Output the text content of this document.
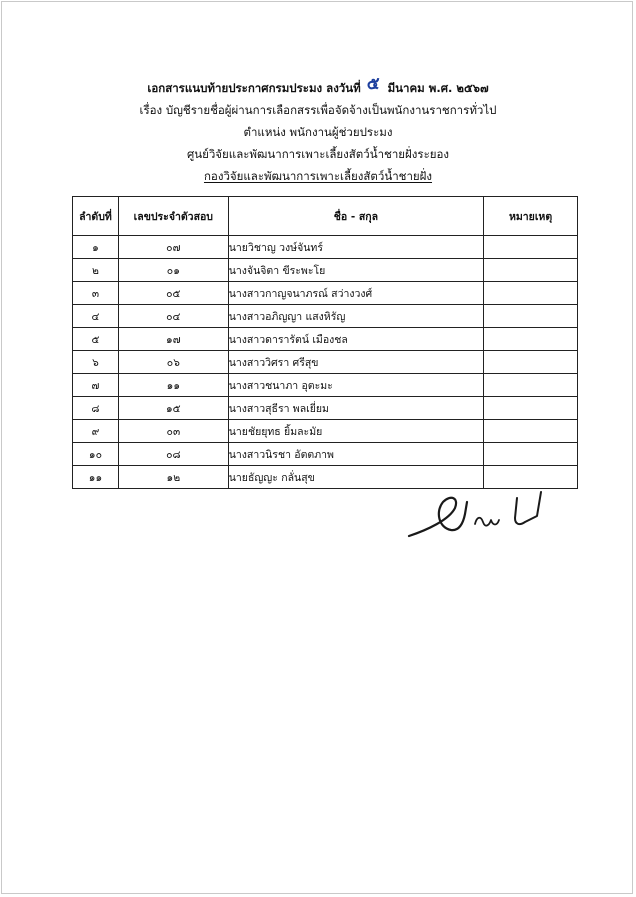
เอกสารแนบท้ายประกาศกรมประมง ลงวันที่ ๕ มีนาคม พ.ศ. ๒๕๖๗
เรื่อง บัญชีรายชื่อผู้ผ่านการเลือกสรรเพื่อจัดจ้างเป็นพนักงานราชการทั่วไป
ตำแหน่ง พนักงานผู้ช่วยประมง
ศูนย์วิจัยและพัฒนาการเพาะเลี้ยงสัตว์น้ำชายฝั่งระยอง
กองวิจัยและพัฒนาการเพาะเลี้ยงสัตว์น้ำชายฝั่ง
ลำดับที่	เลขประจำตัวสอบ	ชื่อ - สกุล	หมายเหตุ
๑	๐๗	นายวิชาญ วงษ์จันทร์	
๒	๐๑	นางจันจิตา ขีระพะโย	
๓	๐๕	นางสาวกาญจนาภรณ์ สว่างวงศ์	
๔	๐๔	นางสาวอภิญญา แสงหิรัญ	
๕	๑๗	นางสาวดารารัตน์ เมืองชล	
๖	๐๖	นางสาววิศรา ศรีสุข	
๗	๑๑	นางสาวชนาภา อุตะมะ	
๘	๑๕	นางสาวสุธีรา พลเยี่ยม	
๙	๐๓	นายชัยยุทธ ยิ้มละมัย	
๑๐	๐๘	นางสาวนิรชา อัตตภาพ	
๑๑	๑๒	นายธัญญะ กลั่นสุข	
